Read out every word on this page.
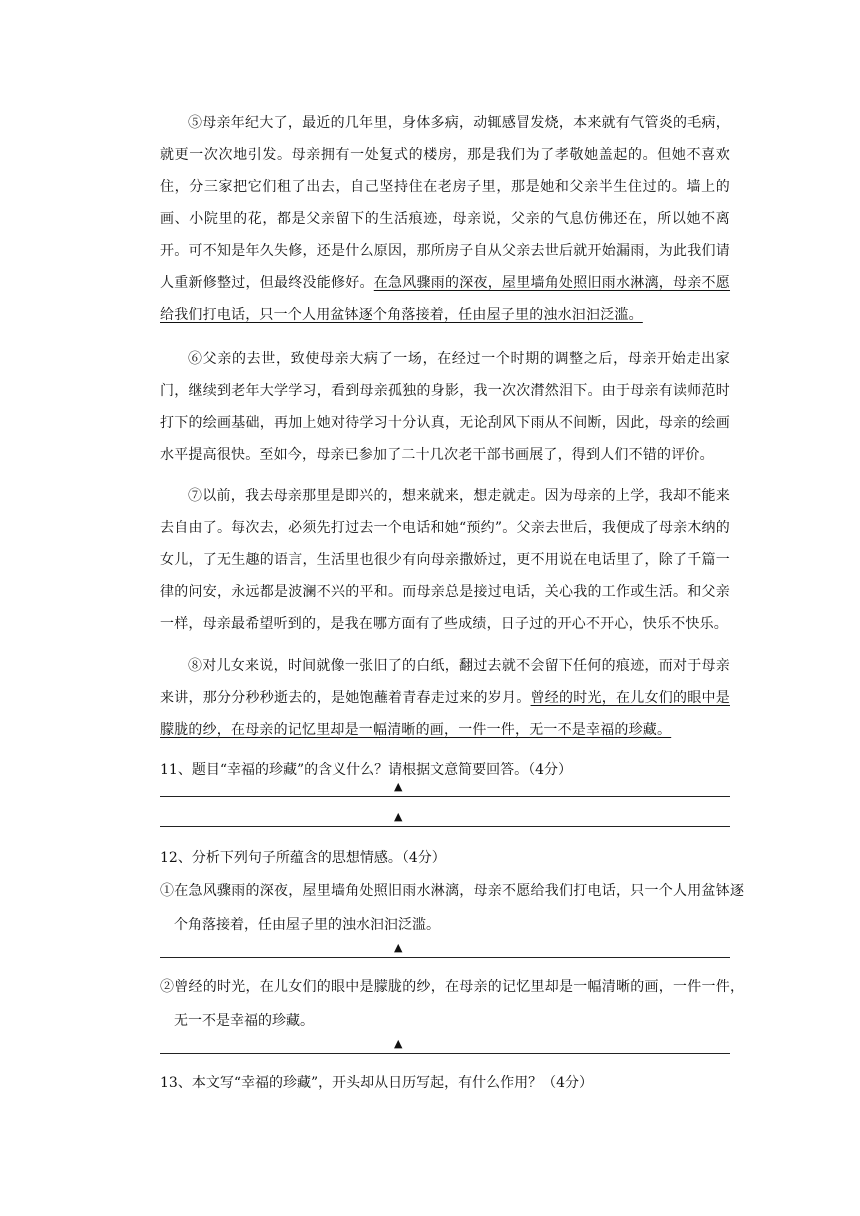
⑤母亲年纪大了，最近的几年里，身体多病，动辄感冒发烧，本来就有气管炎的毛病，就更一次次地引发。母亲拥有一处复式的楼房，那是我们为了孝敬她盖起的。但她不喜欢住，分三家把它们租了出去，自己坚持住在老房子里，那是她和父亲半生住过的。墙上的画、小院里的花，都是父亲留下的生活痕迹，母亲说，父亲的气息仿佛还在，所以她不离开。可不知是年久失修，还是什么原因，那所房子自从父亲去世后就开始漏雨，为此我们请人重新修整过，但最终没能修好。在急风骤雨的深夜，屋里墙角处照旧雨水淋漓，母亲不愿给我们打电话，只一个人用盆钵逐个角落接着，任由屋子里的浊水汩汩泛滥。

⑥父亲的去世，致使母亲大病了一场，在经过一个时期的调整之后，母亲开始走出家门，继续到老年大学学习，看到母亲孤独的身影，我一次次潸然泪下。由于母亲有读师范时打下的绘画基础，再加上她对待学习十分认真，无论刮风下雨从不间断，因此，母亲的绘画水平提高很快。至如今，母亲已参加了二十几次老干部书画展了，得到人们不错的评价。

⑦以前，我去母亲那里是即兴的，想来就来，想走就走。因为母亲的上学，我却不能来去自由了。每次去，必须先打过去一个电话和她“预约”。父亲去世后，我便成了母亲木纳的女儿，了无生趣的语言，生活里也很少有向母亲撒娇过，更不用说在电话里了，除了千篇一律的问安，永远都是波澜不兴的平和。而母亲总是接过电话，关心我的工作或生活。和父亲一样，母亲最希望听到的，是我在哪方面有了些成绩，日子过的开心不开心，快乐不快乐。

⑧对儿女来说，时间就像一张旧了的白纸，翻过去就不会留下任何的痕迹，而对于母亲来讲，那分分秒秒逝去的，是她饱蘸着青春走过来的岁月。曾经的时光，在儿女们的眼中是朦胧的纱，在母亲的记忆里却是一幅清晰的画，一件一件，无一不是幸福的珍藏。

11、题目“幸福的珍藏”的含义什么？请根据文意简要回答。（4分）

▲
▲

12、分析下列句子所蕴含的思想情感。（4分）

①在急风骤雨的深夜，屋里墙角处照旧雨水淋漓，母亲不愿给我们打电话，只一个人用盆钵逐个角落接着，任由屋子里的浊水汩汩泛滥。

▲

②曾经的时光，在儿女们的眼中是朦胧的纱，在母亲的记忆里却是一幅清晰的画，一件一件，无一不是幸福的珍藏。

▲

13、本文写“幸福的珍藏”，开头却从日历写起，有什么作用？（4分）
